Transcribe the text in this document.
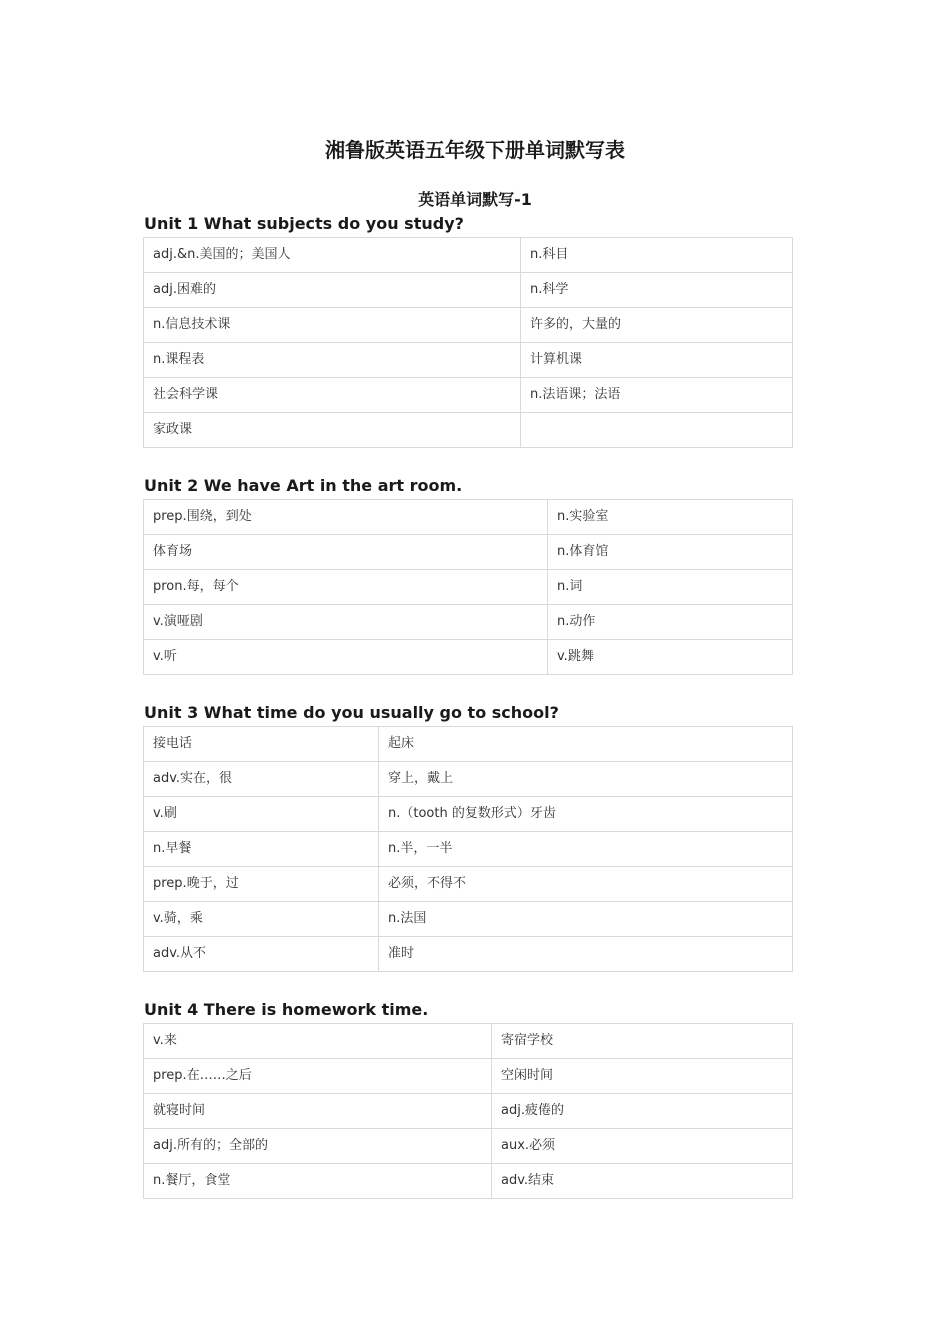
湘鲁版英语五年级下册单词默写表
英语单词默写-1
Unit 1 What subjects do you study?
adj.&n.美国的；美国人	n.科目
adj.困难的	n.科学
n.信息技术课	许多的，大量的
n.课程表	计算机课
社会科学课	n.法语课；法语
家政课	
Unit 2 We have Art in the art room.
prep.围绕，到处	n.实验室
体育场	n.体育馆
pron.每，每个	n.词
v.演哑剧	n.动作
v.听	v.跳舞
Unit 3 What time do you usually go to school?
接电话	起床
adv.实在，很	穿上，戴上
v.刷	n.（tooth 的复数形式）牙齿
n.早餐	n.半，一半
prep.晚于，过	必须，不得不
v.骑，乘	n.法国
adv.从不	准时
Unit 4 There is homework time.
v.来	寄宿学校
prep.在……之后	空闲时间
就寝时间	adj.疲倦的
adj.所有的；全部的	aux.必须
n.餐厅，食堂	adv.结束
